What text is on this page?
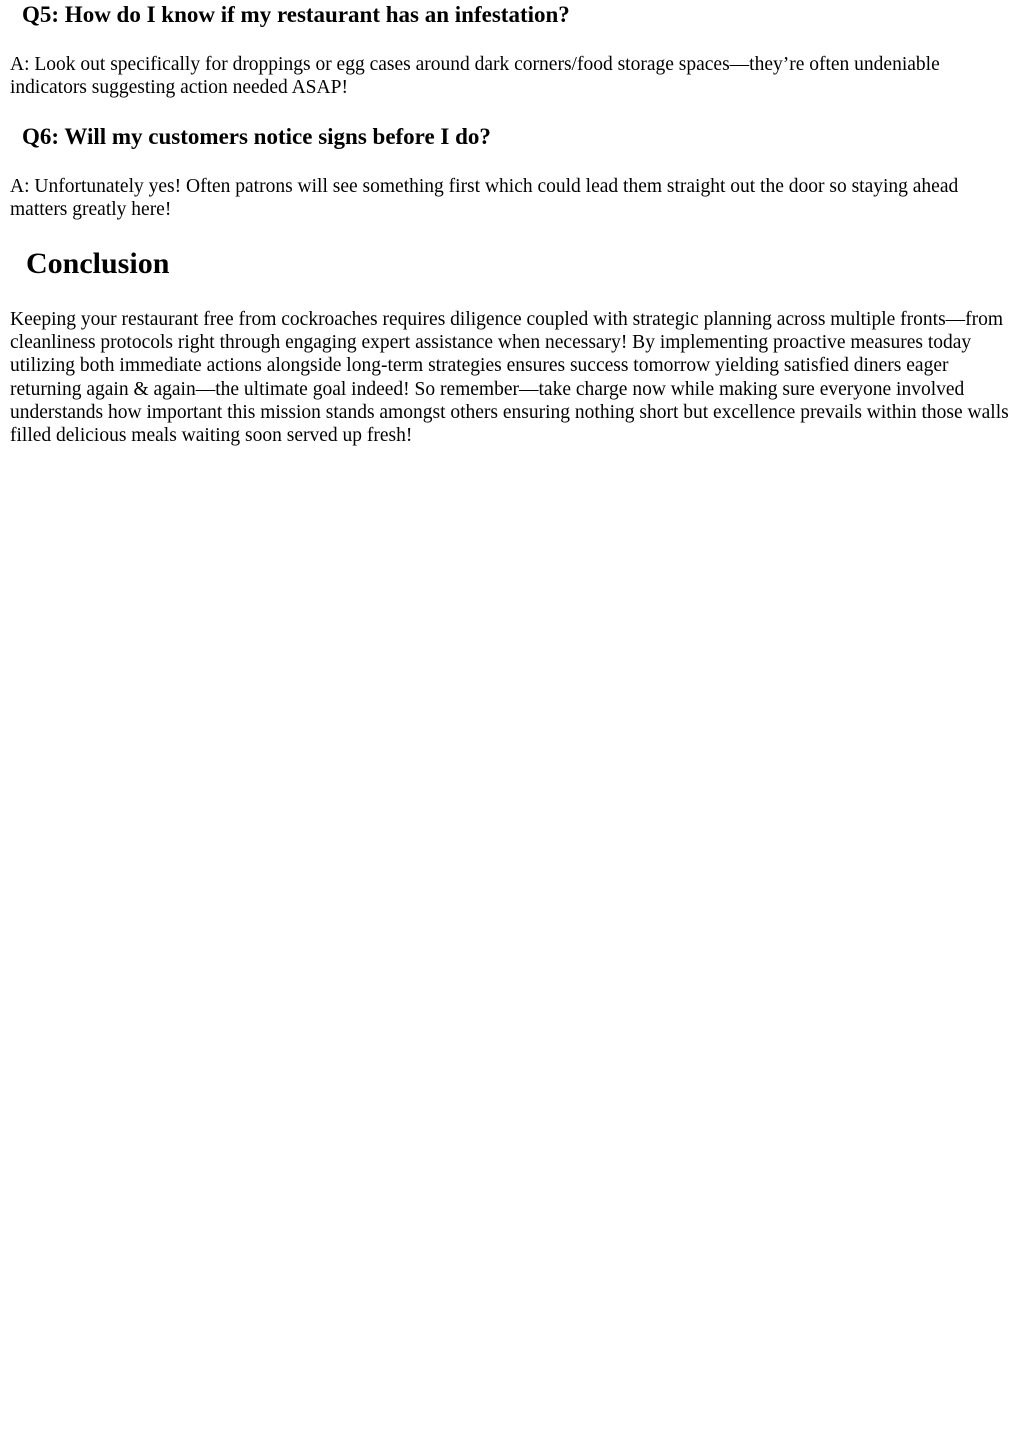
Q5: How do I know if my restaurant has an infestation?

A: Look out specifically for droppings or egg cases around dark corners/food storage spaces—they’re often undeniable indicators suggesting action needed ASAP!

Q6: Will my customers notice signs before I do?

A: Unfortunately yes! Often patrons will see something first which could lead them straight out the door so staying ahead matters greatly here!

Conclusion

Keeping your restaurant free from cockroaches requires diligence coupled with strategic planning across multiple fronts—from cleanliness protocols right through engaging expert assistance when necessary! By implementing proactive measures today utilizing both immediate actions alongside long-term strategies ensures success tomorrow yielding satisfied diners eager returning again & again—the ultimate goal indeed! So remember—take charge now while making sure everyone involved understands how important this mission stands amongst others ensuring nothing short but excellence prevails within those walls filled delicious meals waiting soon served up fresh!
